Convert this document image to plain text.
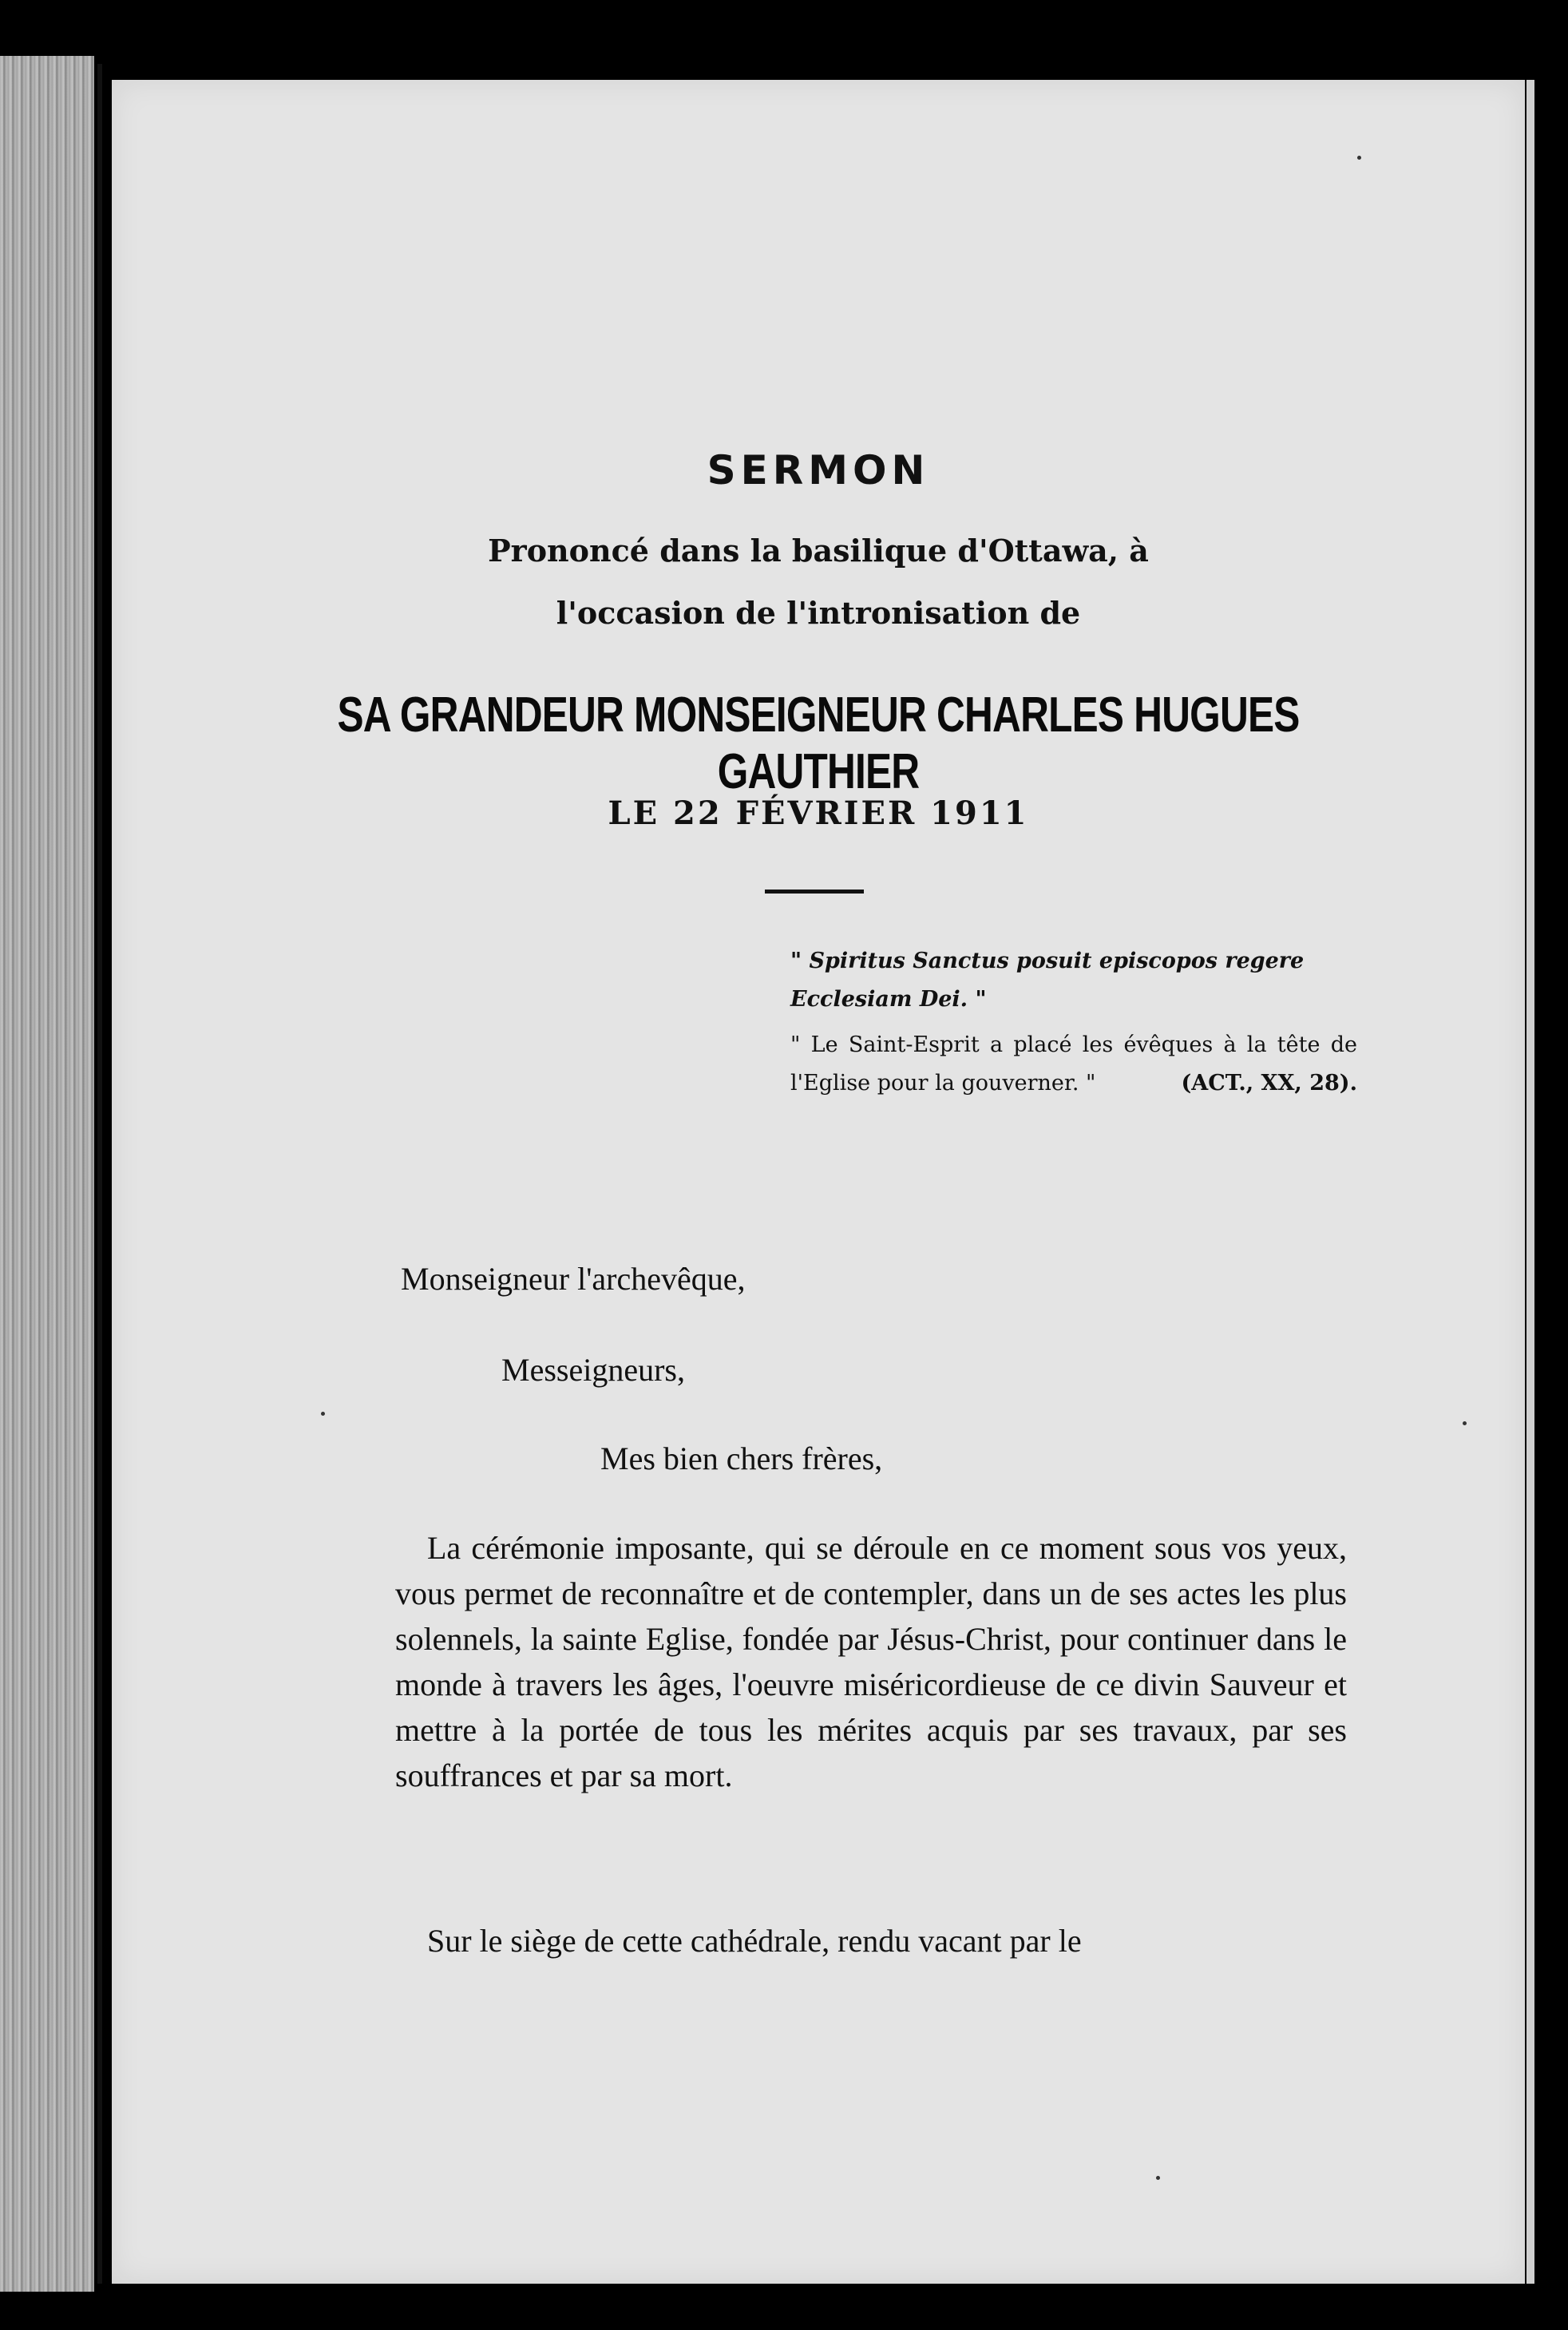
SERMON
Prononcé dans la basilique d'Ottawa, à
l'occasion de l'intronisation de
SA GRANDEUR MONSEIGNEUR CHARLES HUGUES GAUTHIER
LE 22 FÉVRIER 1911
" Spiritus Sanctus posuit episcopos regere Ecclesiam Dei. "
" Le Saint-Esprit a placé les évêques à la tête de l'Eglise pour la gouverner. "	(ACT., XX, 28).
Monseigneur l'archevêque,
Messeigneurs,
Mes bien chers frères,
La cérémonie imposante, qui se déroule en ce moment sous vos yeux, vous permet de reconnaître et de contempler, dans un de ses actes les plus solennels, la sainte Eglise, fondée par Jésus-Christ, pour continuer dans le monde à travers les âges, l'oeuvre miséricordieuse de ce divin Sauveur et mettre à la portée de tous les mérites acquis par ses travaux, par ses souffrances et par sa mort.
Sur le siège de cette cathédrale, rendu vacant par le
